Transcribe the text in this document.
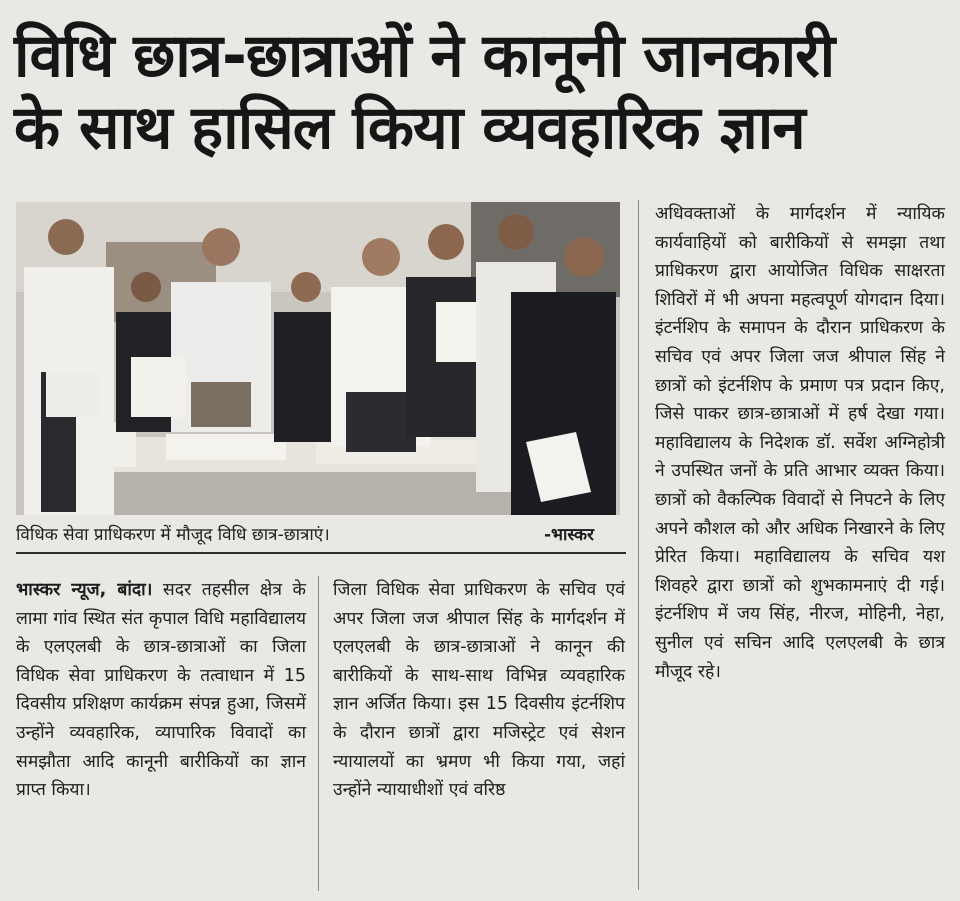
विधि छात्र-छात्राओं ने कानूनी जानकारी
के साथ हासिल किया व्यवहारिक ज्ञान
विधिक सेवा प्राधिकरण में मौजूद विधि छात्र-छात्राएं।	-भास्कर

अधिवक्ताओं के मार्गदर्शन में न्यायिक कार्यवाहियों को बारीकियों से समझा तथा प्राधिकरण द्वारा आयोजित विधिक साक्षरता शिविरों में भी अपना महत्वपूर्ण योगदान दिया। इंटर्नशिप के समापन के दौरान प्राधिकरण के सचिव एवं अपर जिला जज श्रीपाल सिंह ने छात्रों को इंटर्नशिप के प्रमाण पत्र प्रदान किए, जिसे पाकर छात्र-छात्राओं में हर्ष देखा गया। महाविद्यालय के निदेशक डॉ. सर्वेश अग्निहोत्री ने उपस्थित जनों के प्रति आभार व्यक्त किया। छात्रों को वैकल्पिक विवादों से निपटने के लिए अपने कौशल को और अधिक निखारने के लिए प्रेरित किया। महाविद्यालय के सचिव यश शिवहरे द्वारा छात्रों को शुभकामनाएं दी गई। इंटर्नशिप में जय सिंह, नीरज, मोहिनी, नेहा, सुनील एवं सचिन आदि एलएलबी के छात्र मौजूद रहे।

भास्कर न्यूज, बांदा। सदर तहसील क्षेत्र के लामा गांव स्थित संत कृपाल विधि महाविद्यालय के एलएलबी के छात्र-छात्राओं का जिला विधिक सेवा प्राधिकरण के तत्वाधान में 15 दिवसीय प्रशिक्षण कार्यक्रम संपन्न हुआ, जिसमें उन्होंने व्यवहारिक, व्यापारिक विवादों का समझौता आदि कानूनी बारीकियों का ज्ञान प्राप्त किया।

जिला विधिक सेवा प्राधिकरण के सचिव एवं अपर जिला जज श्रीपाल सिंह के मार्गदर्शन में एलएलबी के छात्र-छात्राओं ने कानून की बारीकियों के साथ-साथ विभिन्न व्यवहारिक ज्ञान अर्जित किया। इस 15 दिवसीय इंटर्नशिप के दौरान छात्रों द्वारा मजिस्ट्रेट एवं सेशन न्यायालयों का भ्रमण भी किया गया, जहां उन्होंने न्यायाधीशों एवं वरिष्ठ
